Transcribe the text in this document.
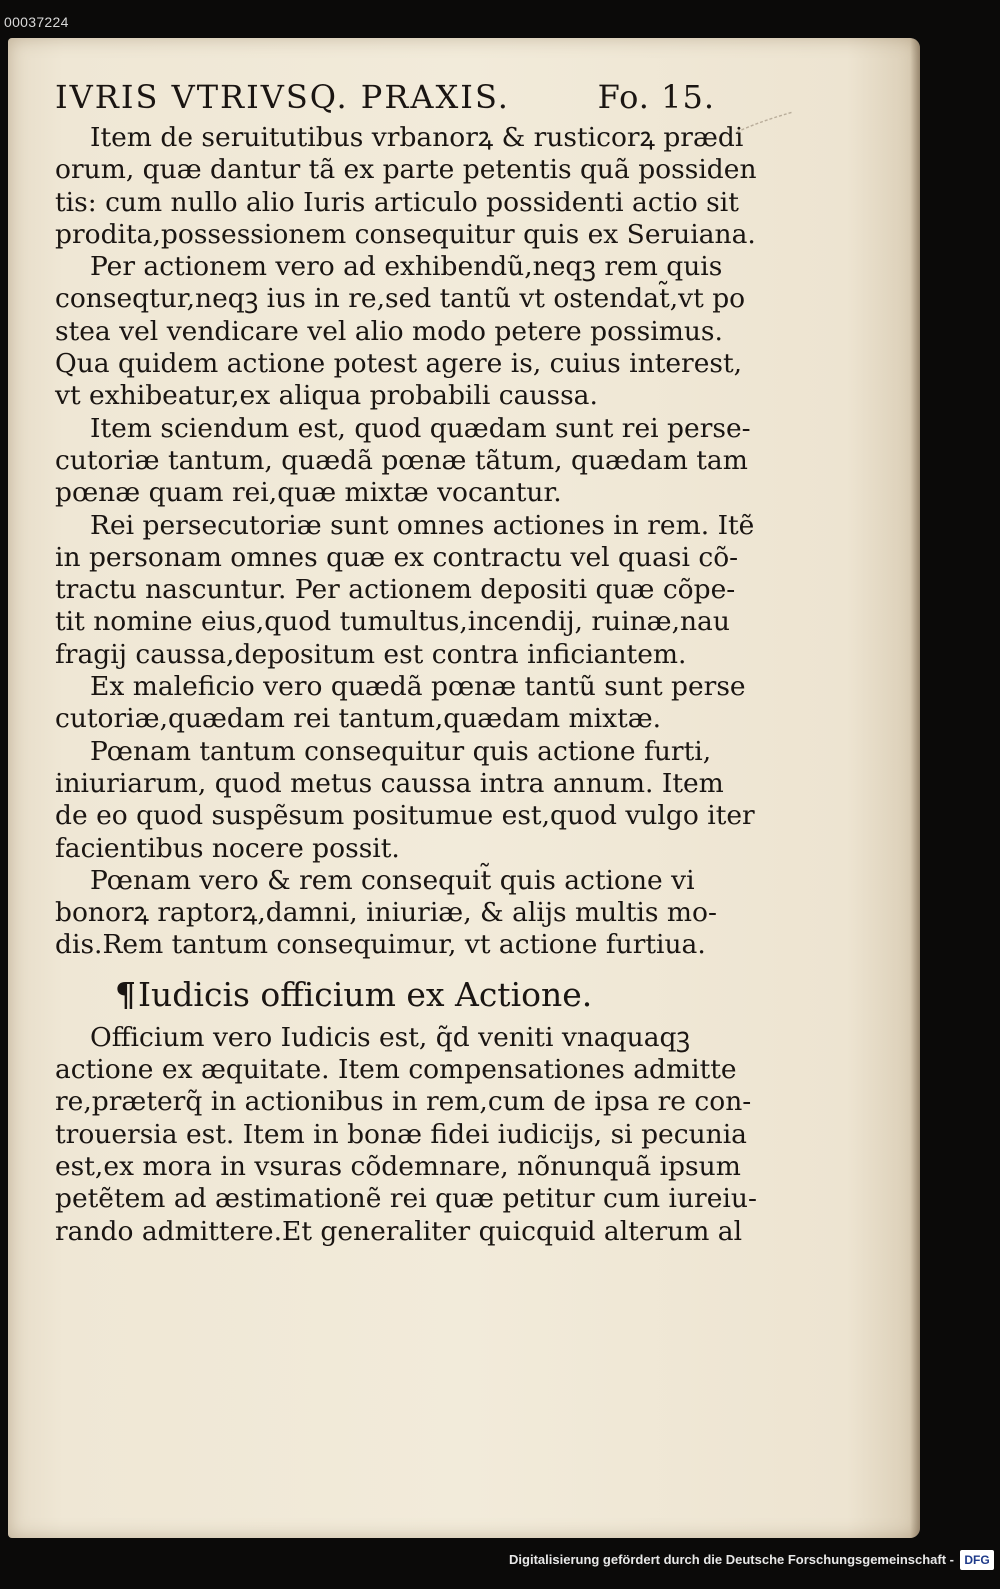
00037224
IVRIS VTRIVSQ. PRAXIS.	Fo. 15.
Item de seruitutibus vrbanorꝝ & rusticorꝝ prædi
orum, quæ dantur tã ex parte petentis quã possiden
tis: cum nullo alio Iuris articulo possidenti actio sit
prodita,possessionem consequitur quis ex Seruiana.
Per actionem vero ad exhibendũ,neqꝫ rem quis
conseqtur,neqꝫ ius in re,sed tantũ vt ostendat̃,vt po
stea vel vendicare vel alio modo petere possimus.
Qua quidem actione potest agere is, cuius interest,
vt exhibeatur,ex aliqua probabili caussa.
Item sciendum est, quod quædam sunt rei perse-
cutoriæ tantum, quædã pœnæ tãtum, quædam tam
pœnæ quam rei,quæ mixtæ vocantur.
Rei persecutoriæ sunt omnes actiones in rem. Itẽ
in personam omnes quæ ex contractu vel quasi cõ-
tractu nascuntur. Per actionem depositi quæ cõpe-
tit nomine eius,quod tumultus,incendij, ruinæ,nau
fragij caussa,depositum est contra inficiantem.
Ex maleficio vero quædã pœnæ tantũ sunt perse
cutoriæ,quædam rei tantum,quædam mixtæ.
Pœnam tantum consequitur quis actione furti,
iniuriarum, quod metus caussa intra annum. Item
de eo quod suspẽsum positumue est,quod vulgo iter
facientibus nocere possit.
Pœnam vero & rem consequit̃ quis actione vi
bonorꝝ raptorꝝ,damni, iniuriæ, & alijs multis mo-
dis.Rem tantum consequimur, vt actione furtiua.
¶Iudicis officium ex Actione.
Officium vero Iudicis est, q̃d veniti vnaquaqꝫ
actione ex æquitate. Item compensationes admitte
re,præterq̃ in actionibus in rem,cum de ipsa re con-
trouersia est. Item in bonæ fidei iudicijs, si pecunia
est,ex mora in vsuras cõdemnare, nõnunquã ipsum
petẽtem ad æstimationẽ rei quæ petitur cum iureiu-
rando admittere.Et generaliter quicquid alterum al
Digitalisierung gefördert durch die Deutsche Forschungsgemeinschaft - DFG
